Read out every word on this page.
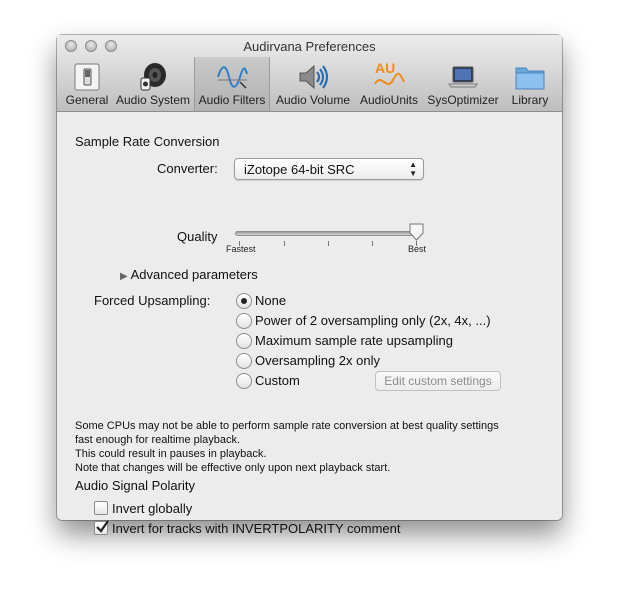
Audirvana Preferences
General Audio System Audio Filters Audio Volume
AU
AudioUnits SysOptimizer	Library
Sample Rate Conversion
Converter: iZotope 64-bit SRC	▲
▼
Quality
Fastest	Best
▶ Advanced parameters
Forced Upsampling:	None
Power of 2 oversampling only (2x, 4x, ...)
Maximum sample rate upsampling
Oversampling 2x only
Custom	Edit custom settings
Some CPUs may not be able to perform sample rate conversion at best quality settings
fast enough for realtime playback.
This could result in pauses in playback.
Note that changes will be effective only upon next playback start.
Audio Signal Polarity
Invert globally
Invert for tracks with INVERTPOLARITY comment
